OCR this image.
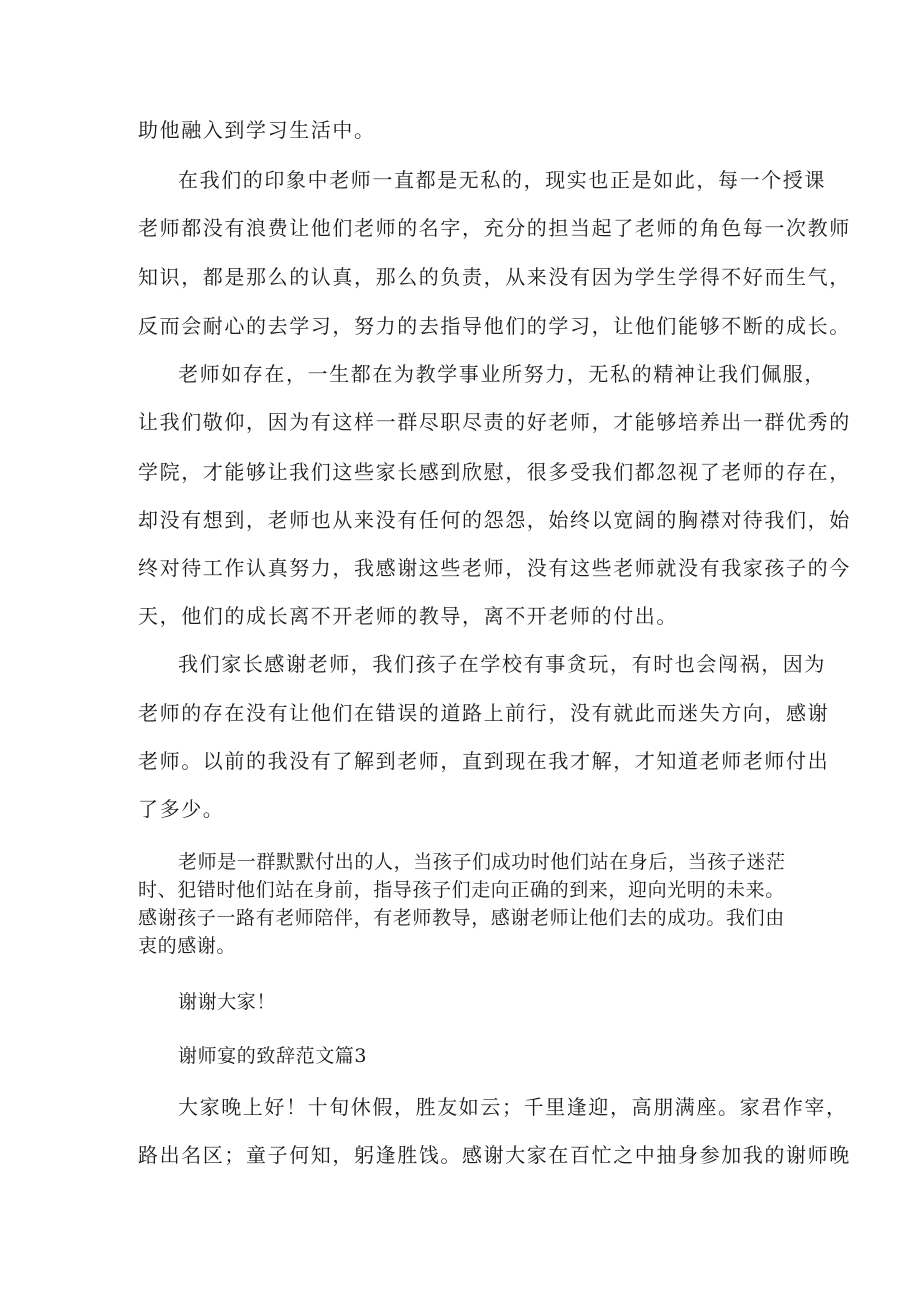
助他融入到学习生活中。
在我们的印象中老师一直都是无私的，现实也正是如此，每一个授课
老师都没有浪费让他们老师的名字，充分的担当起了老师的角色每一次教师
知识，都是那么的认真，那么的负责，从来没有因为学生学得不好而生气，
反而会耐心的去学习，努力的去指导他们的学习，让他们能够不断的成长。
老师如存在，一生都在为教学事业所努力，无私的精神让我们佩服，
让我们敬仰，因为有这样一群尽职尽责的好老师，才能够培养出一群优秀的
学院，才能够让我们这些家长感到欣慰，很多受我们都忽视了老师的存在，
却没有想到，老师也从来没有任何的怨怨，始终以宽阔的胸襟对待我们，始
终对待工作认真努力，我感谢这些老师，没有这些老师就没有我家孩子的今
天，他们的成长离不开老师的教导，离不开老师的付出。
我们家长感谢老师，我们孩子在学校有事贪玩，有时也会闯祸，因为
老师的存在没有让他们在错误的道路上前行，没有就此而迷失方向，感谢
老师。以前的我没有了解到老师，直到现在我才解，才知道老师老师付出
了多少。
老师是一群默默付出的人，当孩子们成功时他们站在身后，当孩子迷茫
时、犯错时他们站在身前，指导孩子们走向正确的到来，迎向光明的未来。
感谢孩子一路有老师陪伴，有老师教导，感谢老师让他们去的成功。我们由
衷的感谢。
谢谢大家！
谢师宴的致辞范文篇3
大家晚上好！十旬休假，胜友如云；千里逢迎，高朋满座。家君作宰，
路出名区；童子何知，躬逢胜饯。感谢大家在百忙之中抽身参加我的谢师晚
